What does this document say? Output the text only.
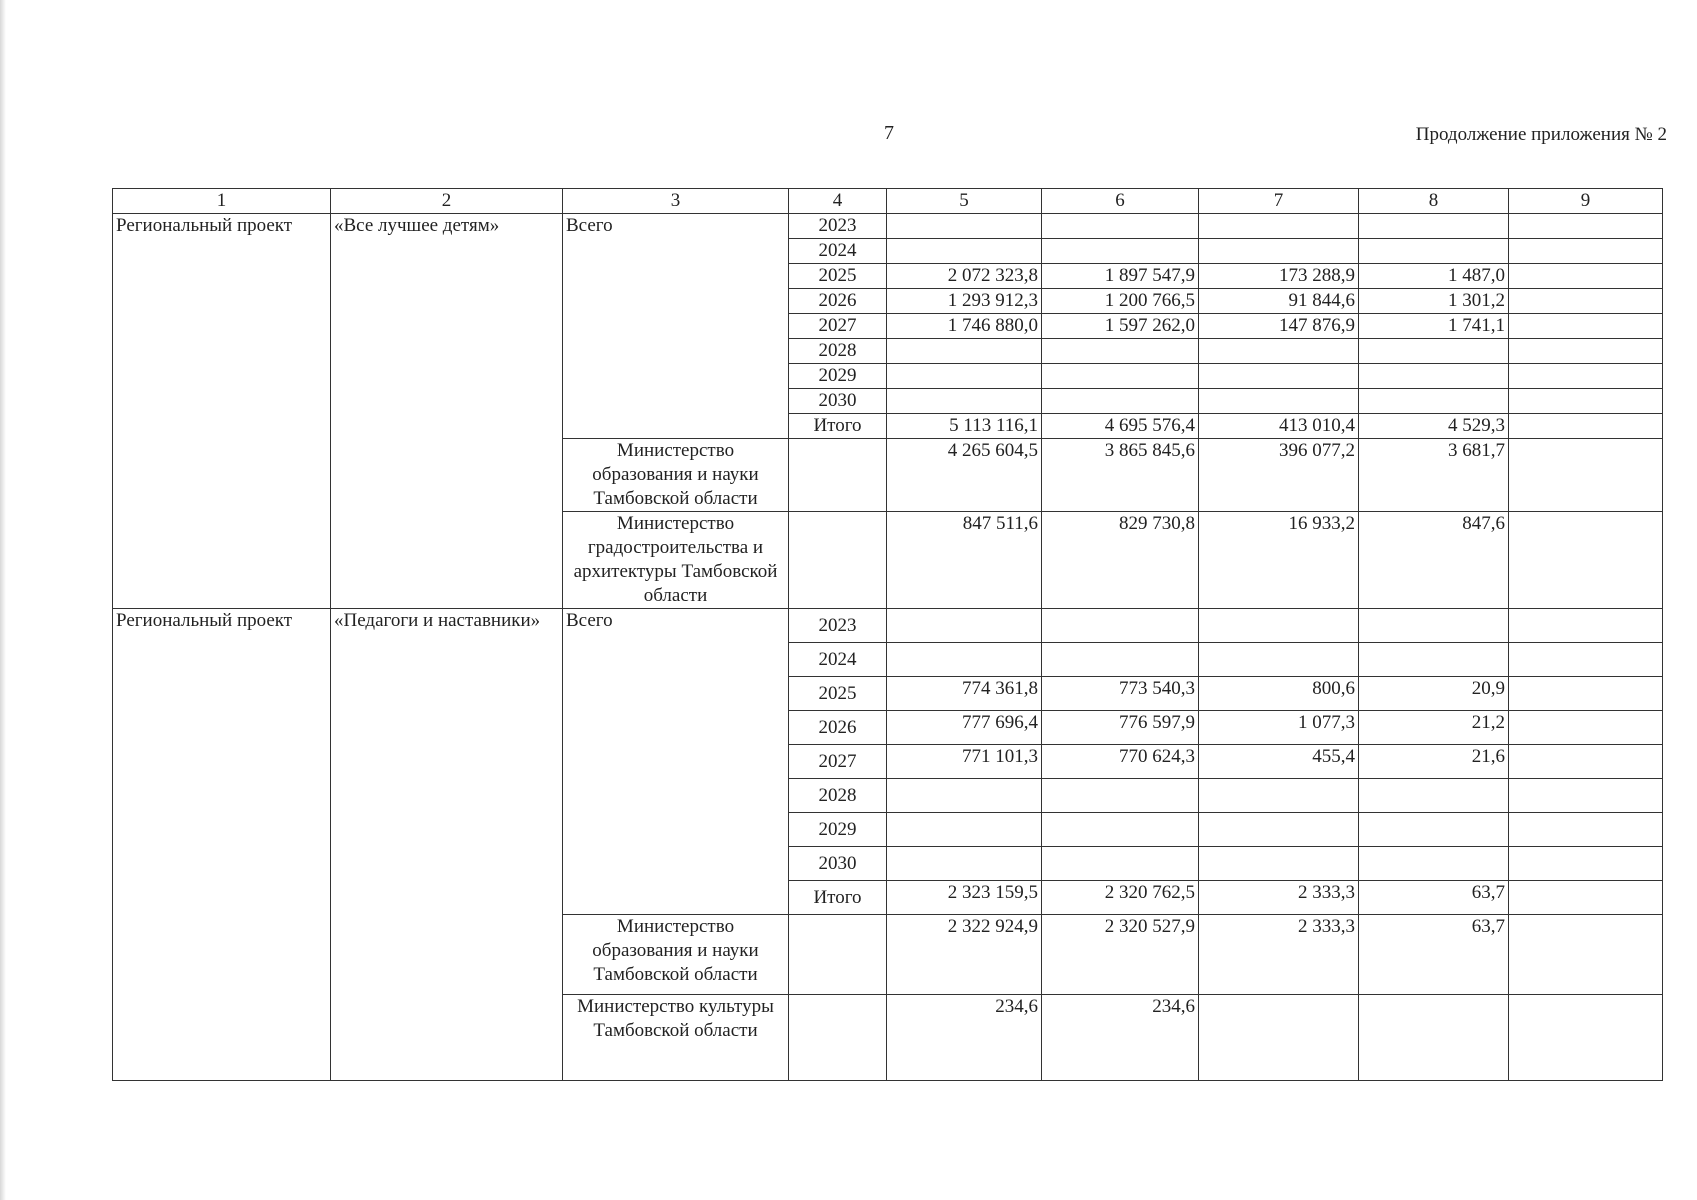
7	Продолжение приложения № 2
1	2	3	4	5	6	7	8	9
Региональный проект	«Все лучшее детям»	Всего	2023					
			2024					
			2025	2 072 323,8	1 897 547,9	173 288,9	1 487,0	
			2026	1 293 912,3	1 200 766,5	91 844,6	1 301,2	
			2027	1 746 880,0	1 597 262,0	147 876,9	1 741,1	
			2028					
			2029					
			2030					
			Итого	5 113 116,1	4 695 576,4	413 010,4	4 529,3	
		Министерство образования и науки Тамбовской области		4 265 604,5	3 865 845,6	396 077,2	3 681,7	
		Министерство градостроительства и архитектуры Тамбовской области		847 511,6	829 730,8	16 933,2	847,6	
Региональный проект	«Педагоги и наставники»	Всего	2023					
			2024					
			2025	774 361,8	773 540,3	800,6	20,9	
			2026	777 696,4	776 597,9	1 077,3	21,2	
			2027	771 101,3	770 624,3	455,4	21,6	
			2028					
			2029					
			2030					
			Итого	2 323 159,5	2 320 762,5	2 333,3	63,7	
		Министерство образования и науки Тамбовской области		2 322 924,9	2 320 527,9	2 333,3	63,7	
		Министерство культуры Тамбовской области		234,6	234,6			
